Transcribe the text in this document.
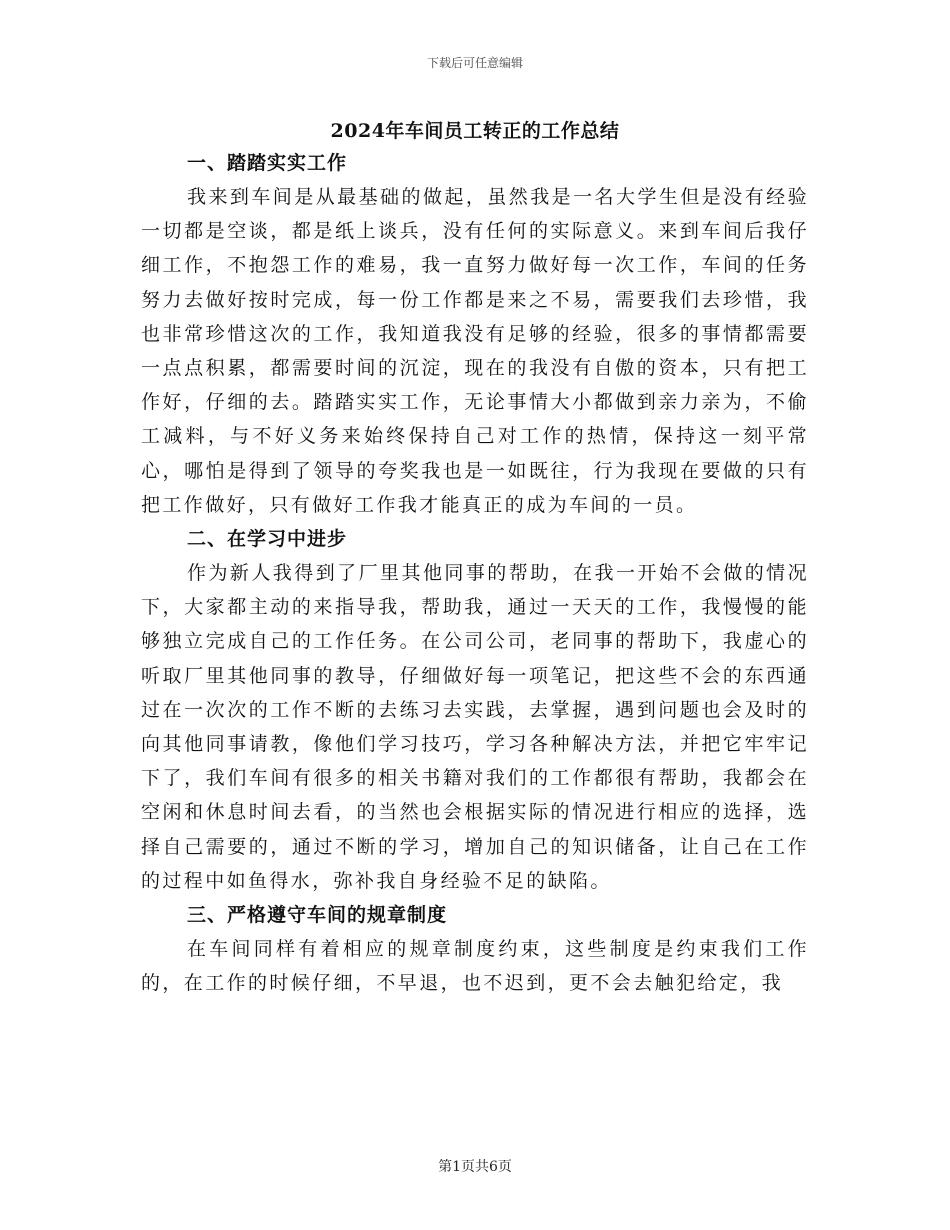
下载后可任意编辑
2024年车间员工转正的工作总结
一、踏踏实实工作

我来到车间是从最基础的做起，虽然我是一名大学生但是没有经验一切都是空谈，都是纸上谈兵，没有任何的实际意义。来到车间后我仔细工作，不抱怨工作的难易，我一直努力做好每一次工作，车间的任务努力去做好按时完成，每一份工作都是来之不易，需要我们去珍惜，我也非常珍惜这次的工作，我知道我没有足够的经验，很多的事情都需要一点点积累，都需要时间的沉淀，现在的我没有自傲的资本，只有把工作好，仔细的去。踏踏实实工作，无论事情大小都做到亲力亲为，不偷工减料，与不好义务来始终保持自己对工作的热情，保持这一刻平常心，哪怕是得到了领导的夸奖我也是一如既往，行为我现在要做的只有把工作做好，只有做好工作我才能真正的成为车间的一员。

二、在学习中进步

作为新人我得到了厂里其他同事的帮助，在我一开始不会做的情况下，大家都主动的来指导我，帮助我，通过一天天的工作，我慢慢的能够独立完成自己的工作任务。在公司公司，老同事的帮助下，我虚心的听取厂里其他同事的教导，仔细做好每一项笔记，把这些不会的东西通过在一次次的工作不断的去练习去实践，去掌握，遇到问题也会及时的向其他同事请教，像他们学习技巧，学习各种解决方法，并把它牢牢记下了，我们车间有很多的相关书籍对我们的工作都很有帮助，我都会在空闲和休息时间去看，的当然也会根据实际的情况进行相应的选择，选择自己需要的，通过不断的学习，增加自己的知识储备，让自己在工作的过程中如鱼得水，弥补我自身经验不足的缺陷。

三、严格遵守车间的规章制度

在车间同样有着相应的规章制度约束，这些制度是约束我们工作的，在工作的时候仔细，不早退，也不迟到，更不会去触犯给定，我

第1页共6页
